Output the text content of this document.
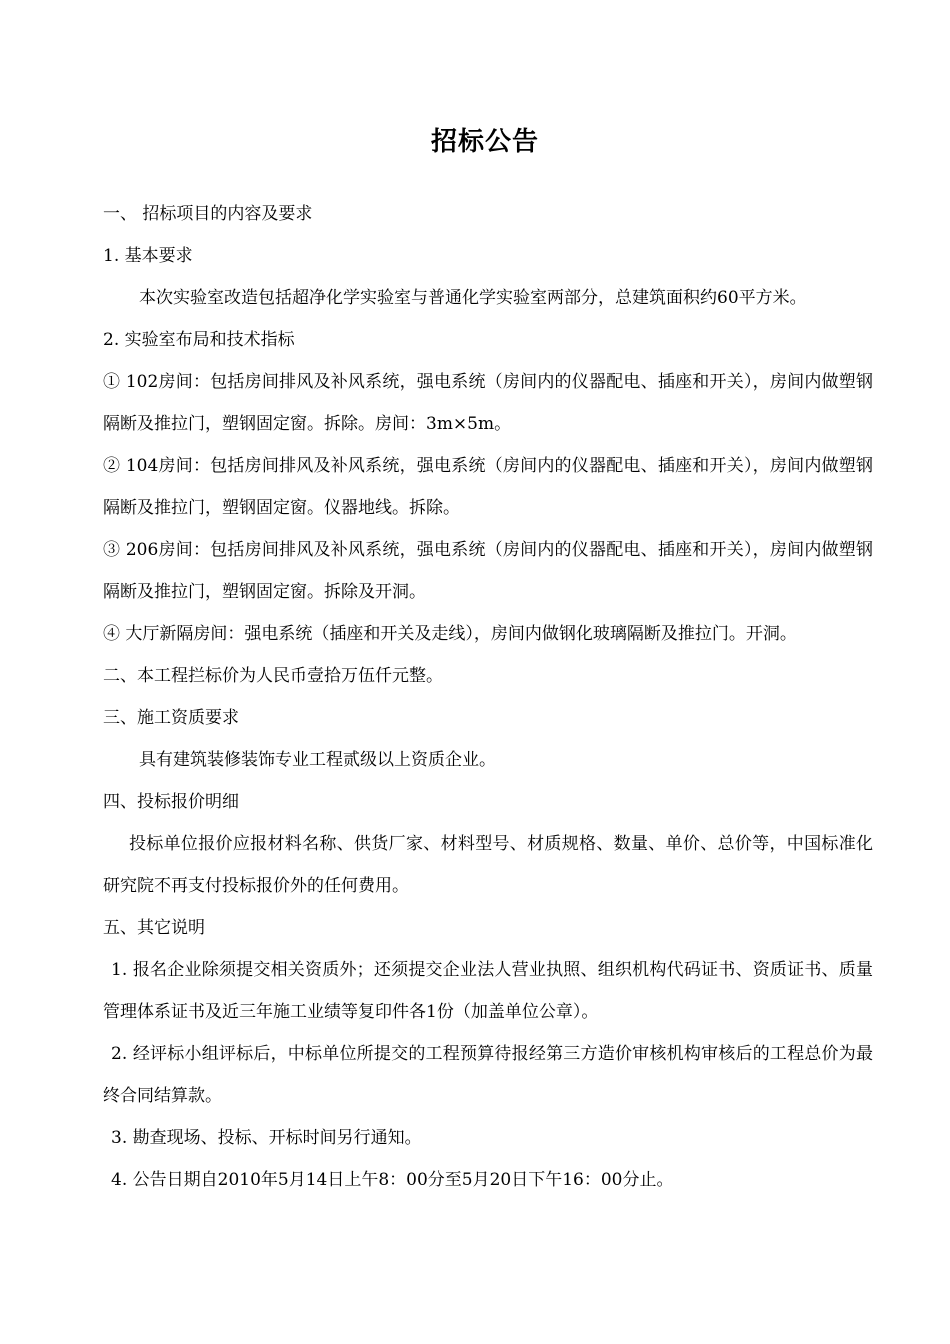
招标公告

一、 招标项目的内容及要求

1. 基本要求

本次实验室改造包括超净化学实验室与普通化学实验室两部分，总建筑面积约60平方米。

2. 实验室布局和技术指标

① 102房间：包括房间排风及补风系统，强电系统（房间内的仪器配电、插座和开关），房间内做塑钢隔断及推拉门，塑钢固定窗。拆除。房间：3m×5m。

② 104房间：包括房间排风及补风系统，强电系统（房间内的仪器配电、插座和开关），房间内做塑钢隔断及推拉门，塑钢固定窗。仪器地线。拆除。

③ 206房间：包括房间排风及补风系统，强电系统（房间内的仪器配电、插座和开关），房间内做塑钢隔断及推拉门，塑钢固定窗。拆除及开洞。

④ 大厅新隔房间：强电系统（插座和开关及走线），房间内做钢化玻璃隔断及推拉门。开洞。

二、本工程拦标价为人民币壹拾万伍仟元整。

三、施工资质要求

具有建筑装修装饰专业工程贰级以上资质企业。

四、投标报价明细

投标单位报价应报材料名称、供货厂家、材料型号、材质规格、数量、单价、总价等，中国标准化研究院不再支付投标报价外的任何费用。

五、其它说明

1. 报名企业除须提交相关资质外；还须提交企业法人营业执照、组织机构代码证书、资质证书、质量管理体系证书及近三年施工业绩等复印件各1份（加盖单位公章）。

2. 经评标小组评标后，中标单位所提交的工程预算待报经第三方造价审核机构审核后的工程总价为最终合同结算款。

3. 勘查现场、投标、开标时间另行通知。

4. 公告日期自2010年5月14日上午8：00分至5月20日下午16：00分止。
